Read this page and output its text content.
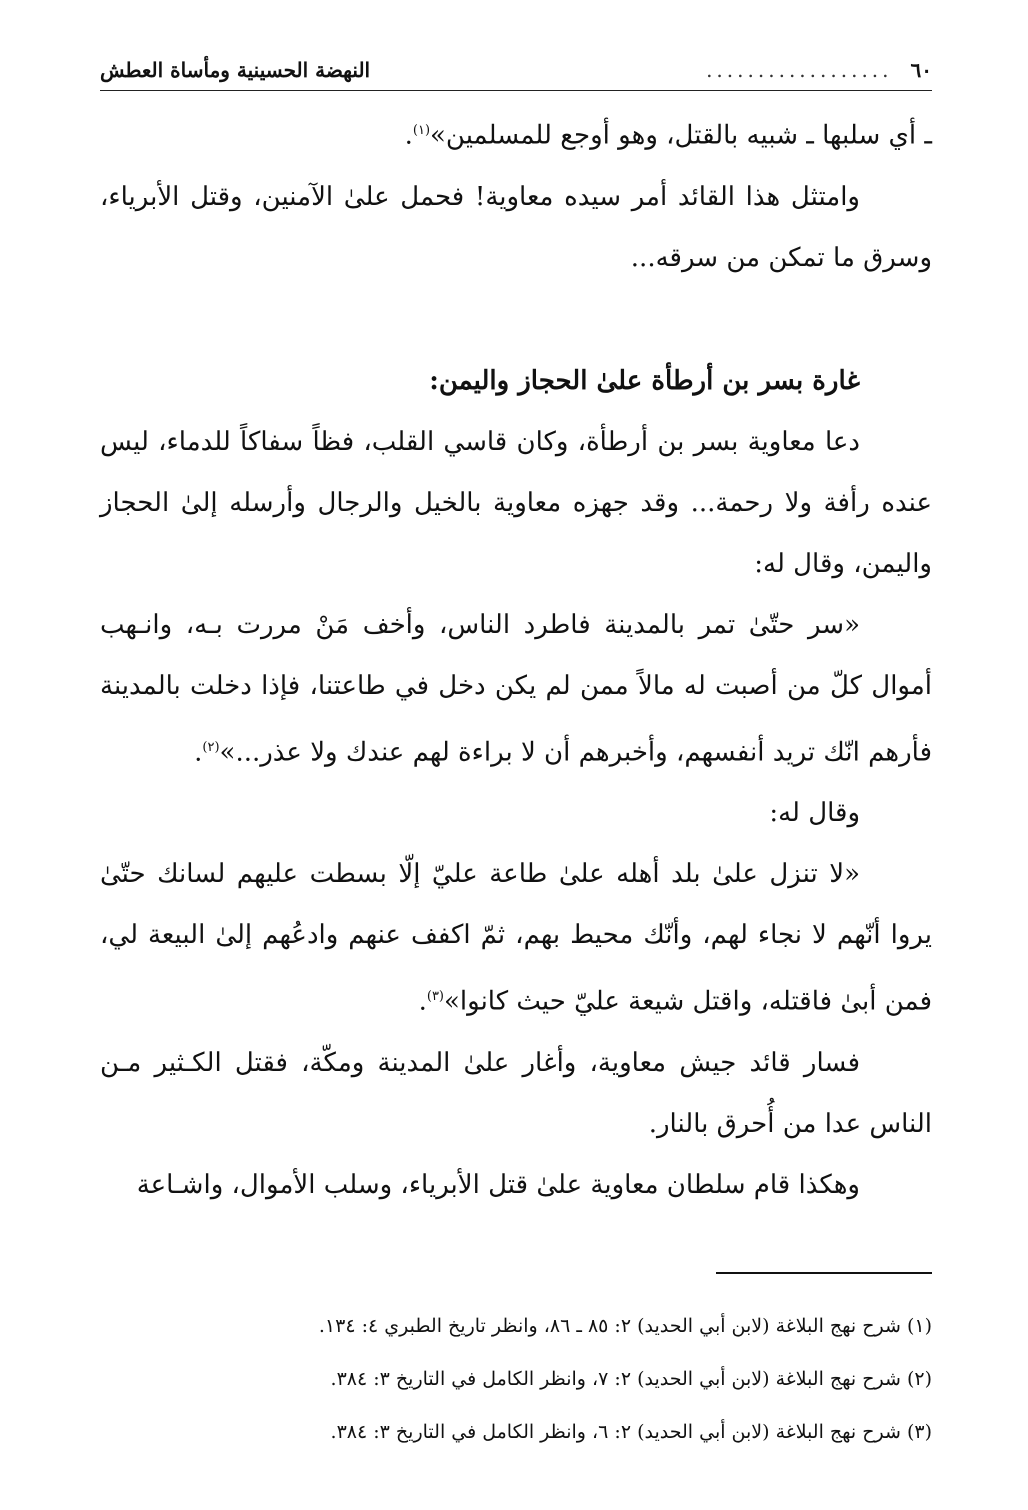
٦٠
..................
النهضة الحسينية ومأساة العطش

ـ أي سلبها ـ شبيه بالقتل، وهو أوجع للمسلمين»$^{(١)}$.

وامتثل هذا القائد أمر سيده معاوية! فحمل علىٰ الآمنين، وقتل الأبرياء، وسرق ما تمكن من سرقه...

غارة بسر بن أرطأة علىٰ الحجاز واليمن:

دعا معاوية بسر بن أرطأة، وكان قاسي القلب، فظاً سفاكاً للدماء، ليس عنده رأفة ولا رحمة... وقد جهزه معاوية بالخيل والرجال وأرسله إلىٰ الحجاز واليمن، وقال له:

«سر حتّىٰ تمر بالمدينة فاطرد الناس، وأخف مَنْ مررت بـه، وانـهب أموال كلّ من أصبت له مالاً ممن لم يكن دخل في طاعتنا، فإذا دخلت بالمدينة فأرهم انّك تريد أنفسهم، وأخبرهم أن لا براءة لهم عندك ولا عذر...»$^{(٢)}$.

وقال له:

«لا تنزل علىٰ بلد أهله علىٰ طاعة عليّ إلّا بسطت عليهم لسانك حتّىٰ يروا أنّهم لا نجاء لهم، وأنّك محيط بهم، ثمّ اكفف عنهم وادعُهم إلىٰ البيعة لي، فمن أبىٰ فاقتله، واقتل شيعة عليّ حيث كانوا»$^{(٣)}$.

فسار قائد جيش معاوية، وأغار علىٰ المدينة ومكّة، فقتل الكـثير مـن الناس عدا من أُحرق بالنار.

وهكذا قام سلطان معاوية علىٰ قتل الأبرياء، وسلب الأموال، واشـاعة

(١) شرح نهج البلاغة (لابن أبي الحديد) ٢: ٨٥ ـ ٨٦، وانظر تاريخ الطبري ٤: ١٣٤.

(٢) شرح نهج البلاغة (لابن أبي الحديد) ٢: ٧، وانظر الكامل في التاريخ ٣: ٣٨٤.

(٣) شرح نهج البلاغة (لابن أبي الحديد) ٢: ٦، وانظر الكامل في التاريخ ٣: ٣٨٤.
